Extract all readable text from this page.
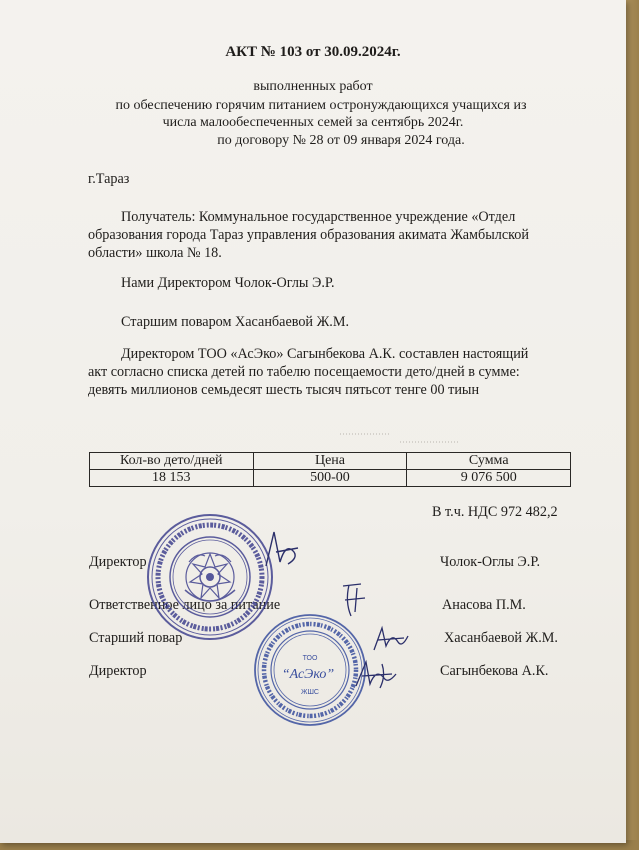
АКТ № 103 от 30.09.2024г.
выполненных работ
по обеспечению горячим питанием остронуждающихся учащихся из
числа малообеспеченных семей за сентябрь 2024г.
по договору № 28 от 09 января 2024 года.
г.Тараз
Получатель: Коммунальное государственное учреждение «Отдел
образования города Тараз управления образования акимата Жамбылской
области» школа № 18.
Нами Директором Чолок-Оглы Э.Р.
Старшим поваром Хасанбаевой Ж.М.
Директором ТОО «АсЭко» Сагынбекова А.К. составлен настоящий
акт согласно списка детей по табелю посещаемости дето/дней в сумме:
девять миллионов семьдесят шесть тысяч пятьсот тенге 00 тиын
Кол-во дето/дней	Цена	Сумма
18 153	500-00	9 076 500
В т.ч. НДС 972 482,2
Директор	Чолок-Оглы Э.Р.
Ответственное лицо за питание	Анасова П.М.
Старший повар	Хасанбаевой Ж.М.
Директор	Сагынбекова А.К.
ТОО
“АсЭко”
ЖШС
